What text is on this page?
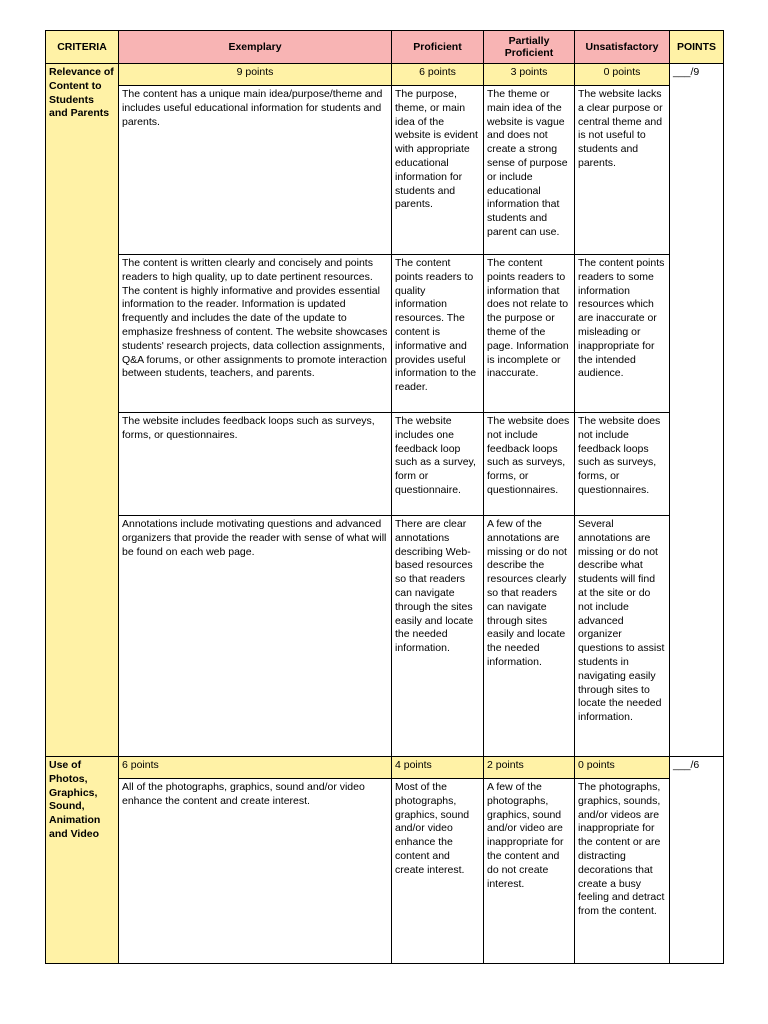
CRITERIA	Exemplary	Proficient	Partially Proficient	Unsatisfactory	POINTS
Relevance of Content to Students and Parents	9 points	6 points	3 points	0 points	___/9
	The content has a unique main idea/purpose/theme and includes useful educational information for students and parents.	The purpose, theme, or main idea of the website is evident with appropriate educational information for students and parents.	The theme or main idea of the website is vague and does not create a strong sense of purpose or include educational information that students and parent can use.	The website lacks a clear purpose or central theme and is not useful to students and parents.	
	The content is written clearly and concisely and points readers to high quality, up to date pertinent resources. The content is highly informative and provides essential information to the reader. Information is updated frequently and includes the date of the update to emphasize freshness of content. The website showcases students' research projects, data collection assignments, Q&A forums, or other assignments to promote interaction between students, teachers, and parents.	The content points readers to quality information resources. The content is informative and provides useful information to the reader.	The content points readers to information that does not relate to the purpose or theme of the page. Information is incomplete or inaccurate.	The content points readers to some information resources which are inaccurate or misleading or inappropriate for the intended audience.	
	The website includes feedback loops such as surveys, forms, or questionnaires.	The website includes one feedback loop such as a survey, form or questionnaire.	The website does not include feedback loops such as surveys, forms, or questionnaires.	The website does not include feedback loops such as surveys, forms, or questionnaires.	
	Annotations include motivating questions and advanced organizers that provide the reader with sense of what will be found on each web page.	There are clear annotations describing Web-based resources so that readers can navigate through the sites easily and locate the needed information.	A few of the annotations are missing or do not describe the resources clearly so that readers can navigate through sites easily and locate the needed information.	Several annotations are missing or do not describe what students will find at the site or do not include advanced organizer questions to assist students in navigating easily through sites to locate the needed information.	
Use of Photos, Graphics, Sound, Animation and Video	6 points	4 points	2 points	0 points	___/6
	All of the photographs, graphics, sound and/or video enhance the content and create interest.	Most of the photographs, graphics, sound and/or video enhance the content and create interest.	A few of the photographs, graphics, sound and/or video are inappropriate for the content and do not create interest.	The photographs, graphics, sounds, and/or videos are inappropriate for the content or are distracting decorations that create a busy feeling and detract from the content.	
